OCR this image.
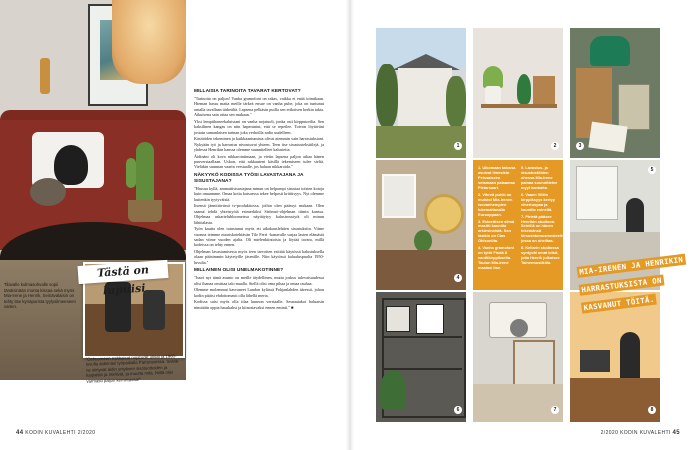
Tilavalle kulmasohvalle sopii tänäisinään monta kissaa sekä myös Mia-Irene ja Henrik. Seinävalaisin on tehty itse kynäpurista tyylysilmeeseen varten.
Tästä on lupuisi
"Oshuomeen nahkaisat nojatuolit ulivat ja 1960-luvulla äidinnäsi työpaikalla Parturasessa. Saivät ne siirtyvät äidin yrityksen sisötuotteiden ja kaipaltiin ja mielivät, ja muutta mitä. Niillä olisi varmasti paljon kerrottavaa!"
MILLAISIA TARINOITA TAVARAT KERTOVAT?

"Tarinoita on paljon! Vanha gramofoni on rakas, vaikka ei enää toimikaan. Hieman hassu matta meille tärkeä ensue on vanha puhe, joka on tuntunut omalla tavallaan tärkeältä. Lapsena pelkäsin puilla sen erikoisen kerkin takia. Aikuisena sain ottaa sen mukaan."

Yksi lempiihoneekaluistani on vanha nojatuoli, jonka osti kirpputorilta. Sen kaksilinen kangas on niin haperuntut, että se repeilee. Toivon löytäväni jostain samanlaisen tarinan joka verhoilla radio uudelleen.

Käsitöiden tekeminen ja kaikkaantumista olivat aiemmin vain harrastuksiani. Nykyään työ ja harrastus nivoutuvat yhteen. Teen itse sisustustekstiilejä, ja yhdessä Henrikin kanssa olemme suunnitelleet kalusteita.

Äidinäni oli kova nikkarointimaan, ja vietin lapsena paljon aikaa hänen puuverstaallaan. Uskon, että rakkauteni käsillä tekemiseen tulee sieltä. Vieläkin suunnan vaarin verstaalle, jos haluan nikkaroida."

NÄKYYKÖ KODISSA TYÖSI LAVASTAJANA JA SISUSTAJANA?

"Hassua kyllä, ammattisisustajana minun on helpompi sisustaa toisten kotoja kuin omaamme. Omaa kotia katsoessa tekee helposti kriittisyys. Nyt olemme kuitenkin tyytyväisiä.

Itsensä jännittävässä tv-produktiossa, joihin olen päässyt mukaan. Olen saanut tehdä yhteistyötä esimerkiksi Strömsö-ohjelman tiimin kanssa. Ohjelmaa askartelubloomeissa näyttäytyy kalustroustyöt oli minun lähtöalasta.

Työn kautta olen tutustunut myös ett aikakauslehtien sisustuksiin. Viime vuonna teimme nuoriskotehtävän Tile Ferri -kanavalle sarjaa lasten elämästä sadan viime vuoden ajalta. Oli mielenkiintoista ja löytää tavara, millä kodeissa on tehty ennen.

Ohjelman lavastamisessa myös teen tarvoiten esittää käytössä kalustuksella olaan pääsimmin käytetyille jäsenille. Niin käytössä kalualuspuolta 1950-luvulta."

MILLAINEN OLISI UNELMAKOTINNE?

"Juuri nyt tämä asunto on meille täydellinen, mutta joskus tulevaisuudessa olisi ihanaa omistaa talo maalla. Siellä olisi oma pihaa ja omaa rauhaa.

Olemme molemmat kasvaneet Landon kylässä Pohjanlahden ääressä, johon kodin pitäisi ehdottomasti olla lähellä merta.

Kodissa saisi myös olla tilaa kunnon verstaalle. Sesnaatakoi haluaisin nimittäin oppia hauskaksi ja kiinostavaksi ennen eminti." ■

44 KODIN KUVALEHTI 2/2020
1	2	3
4
1. Ulkomaan talossa asuivat ilmestein Peissaiseen setamaan palaamaa Pietarsaari.
2. Vihreä puhki on muistoi Mia-Irenen isovanhempien lukemaltanalla Eurooppaan.
3. Esteettisen silmä masitti kauniita arkiesineistä. Sen lasikin on Clas Ohlsonilta.
4. Vanha gramofoni on tyttö Findä 8 vanttikirppikselta. Taulun Mia-Irene maalasi itse.
5. Lavastus- ja sisustustöiden ohessa Mia-Irene painaa suunnittelee myyt kankaita.
6. Vaaen Villiin kirppiksyys kertyy vihertuopaa ja kauniita esineitä.
7. Pirtetä pääsee Henrikin studioon. Seinillä on hänen tekemänsä kirsoshtomusmesteelisia, jossa on oheiltaa.
8. Kellarin studiossa syntyvät omat biisit, joita Henrik julkaisee Tainermusiikilla.
5
6	7	8
MIA-IRENEN JA HENRIKIN HARRASTUKSISTA ON KASVANUT TÖITÄ.
2/2020 KODIN KUVALEHTI 45
